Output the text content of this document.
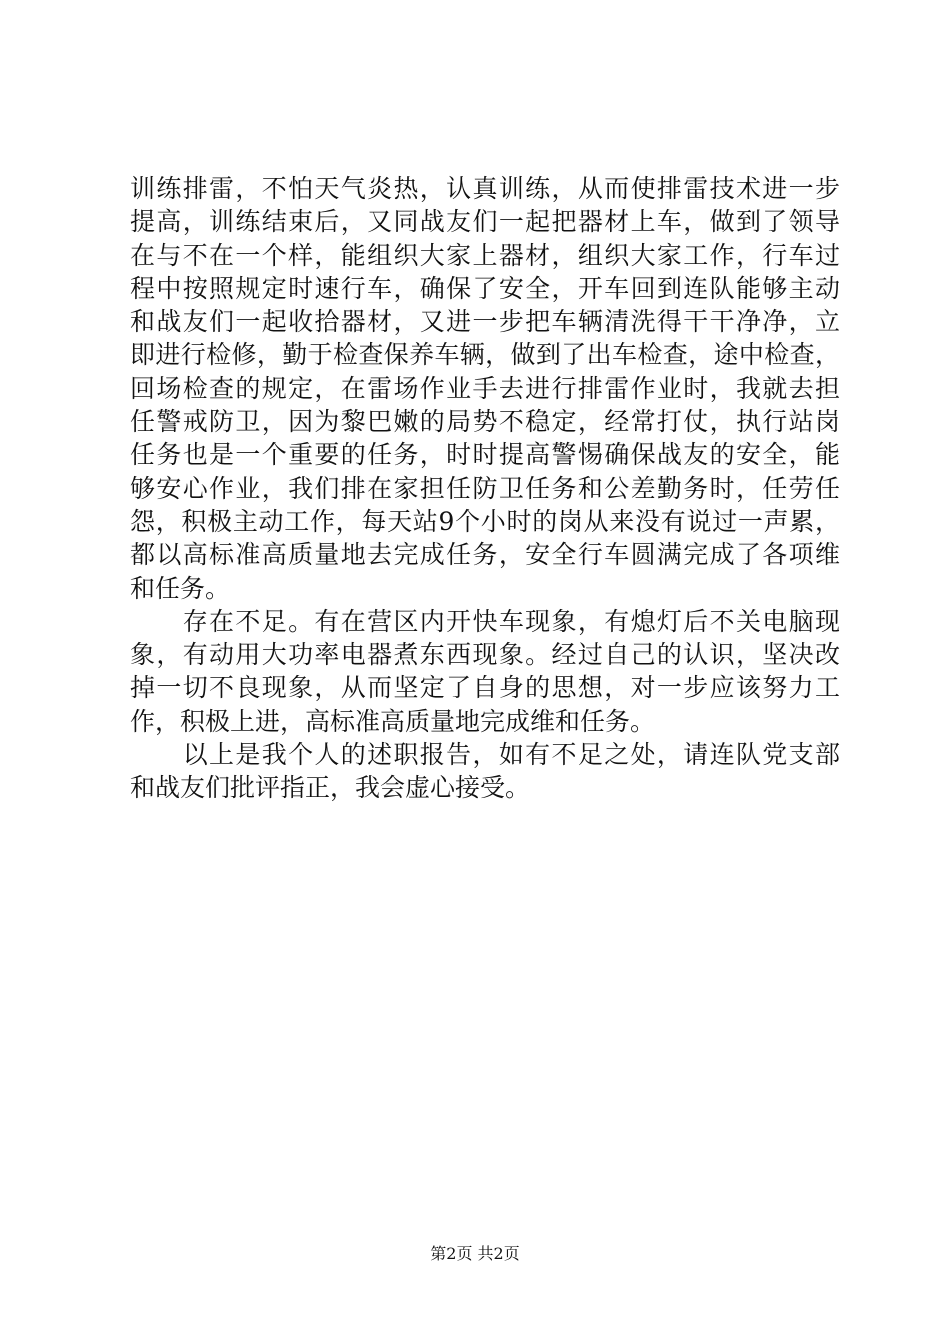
训练排雷，不怕天气炎热，认真训练，从而使排雷技术进一步
提高，训练结束后，又同战友们一起把器材上车，做到了领导
在与不在一个样，能组织大家上器材，组织大家工作，行车过
程中按照规定时速行车，确保了安全，开车回到连队能够主动
和战友们一起收拾器材，又进一步把车辆清洗得干干净净，立
即进行检修，勤于检查保养车辆，做到了出车检查，途中检查，
回场检查的规定，在雷场作业手去进行排雷作业时，我就去担
任警戒防卫，因为黎巴嫩的局势不稳定，经常打仗，执行站岗
任务也是一个重要的任务，时时提高警惕确保战友的安全，能
够安心作业，我们排在家担任防卫任务和公差勤务时，任劳任
怨，积极主动工作，每天站9个小时的岗从来没有说过一声累，
都以高标准高质量地去完成任务，安全行车圆满完成了各项维
和任务。
　　存在不足。有在营区内开快车现象，有熄灯后不关电脑现
象，有动用大功率电器煮东西现象。经过自己的认识，坚决改
掉一切不良现象，从而坚定了自身的思想，对一步应该努力工
作，积极上进，高标准高质量地完成维和任务。
　　以上是我个人的述职报告，如有不足之处，请连队党支部
和战友们批评指正，我会虚心接受。
第2页 共2页
